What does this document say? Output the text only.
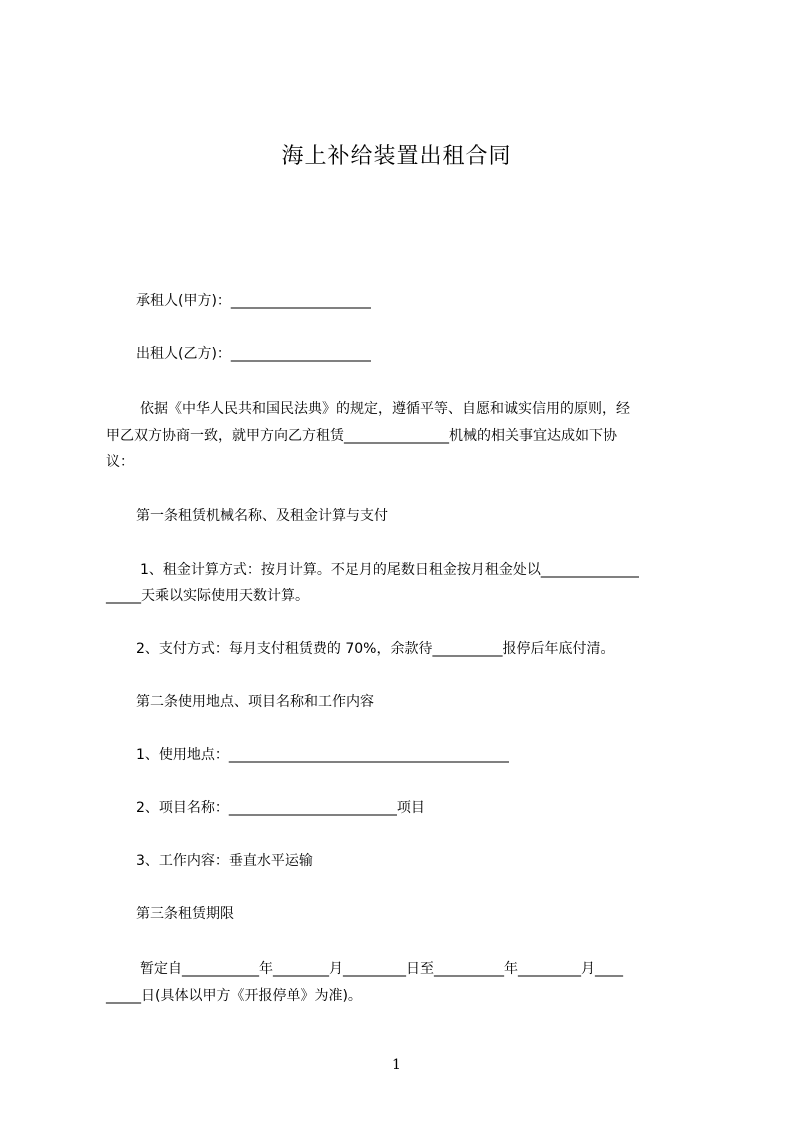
海上补给装置出租合同
承租人(甲方)：____________________
出租人(乙方)：____________________
依据《中华人民共和国民法典》的规定，遵循平等、自愿和诚实信用的原则，经
甲乙双方协商一致，就甲方向乙方租赁_______________机械的相关事宜达成如下协
议：
第一条租赁机械名称、及租金计算与支付
1、租金计算方式：按月计算。不足月的尾数日租金按月租金处以______________
_____天乘以实际使用天数计算。
2、支付方式：每月支付租赁费的 70%，余款待__________报停后年底付清。
第二条使用地点、项目名称和工作内容
1、使用地点：________________________________________
2、项目名称：________________________项目
3、工作内容：垂直水平运输
第三条租赁期限
暂定自___________年________月_________日至__________年_________月____
_____日(具体以甲方《开报停单》为准)。
1
